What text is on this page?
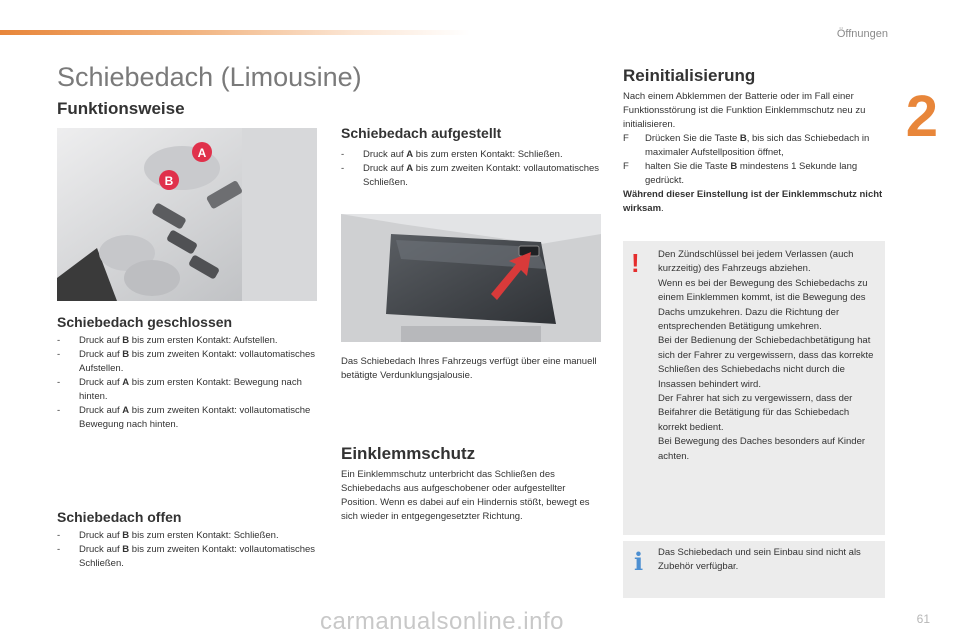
Öffnungen
2
61
Schiebedach (Limousine)
Funktionsweise
A
B
Schiebedach geschlossen
- Druck auf B bis zum ersten Kontakt: Aufstellen.
- Druck auf B bis zum zweiten Kontakt: vollautomatisches Aufstellen.
- Druck auf A bis zum ersten Kontakt: Bewegung nach hinten.
- Druck auf A bis zum zweiten Kontakt: vollautomatische Bewegung nach hinten.
Schiebedach offen
- Druck auf B bis zum ersten Kontakt: Schließen.
- Druck auf B bis zum zweiten Kontakt: vollautomatisches Schließen.
Schiebedach aufgestellt
- Druck auf A bis zum ersten Kontakt: Schließen.
- Druck auf A bis zum zweiten Kontakt: vollautomatisches Schließen.
Das Schiebedach Ihres Fahrzeugs verfügt über eine manuell betätigte Verdunklungsjalousie.
Einklemmschutz
Ein Einklemmschutz unterbricht das Schließen des Schiebedachs aus aufgeschobener oder aufgestellter Position. Wenn es dabei auf ein Hindernis stößt, bewegt es sich wieder in entgegengesetzter Richtung.
Reinitialisierung
Nach einem Abklemmen der Batterie oder im Fall einer Funktionsstörung ist die Funktion Einklemmschutz neu zu initialisieren.
F Drücken Sie die Taste B, bis sich das Schiebedach in maximaler Aufstellposition öffnet,
F halten Sie die Taste B mindestens 1 Sekunde lang gedrückt.
Während dieser Einstellung ist der Einklemmschutz nicht wirksam.
! Den Zündschlüssel bei jedem Verlassen (auch kurzzeitig) des Fahrzeugs abziehen.
Wenn es bei der Bewegung des Schiebedachs zu einem Einklemmen kommt, ist die Bewegung des Dachs umzukehren. Dazu die Richtung der entsprechenden Betätigung umkehren.
Bei der Bedienung der Schiebedachbetätigung hat sich der Fahrer zu vergewissern, dass das korrekte Schließen des Schiebedachs nicht durch die Insassen behindert wird.
Der Fahrer hat sich zu vergewissern, dass der Beifahrer die Betätigung für das Schiebedach korrekt bedient.
Bei Bewegung des Daches besonders auf Kinder achten.
i Das Schiebedach und sein Einbau sind nicht als Zubehör verfügbar.
carmanualsonline.info
